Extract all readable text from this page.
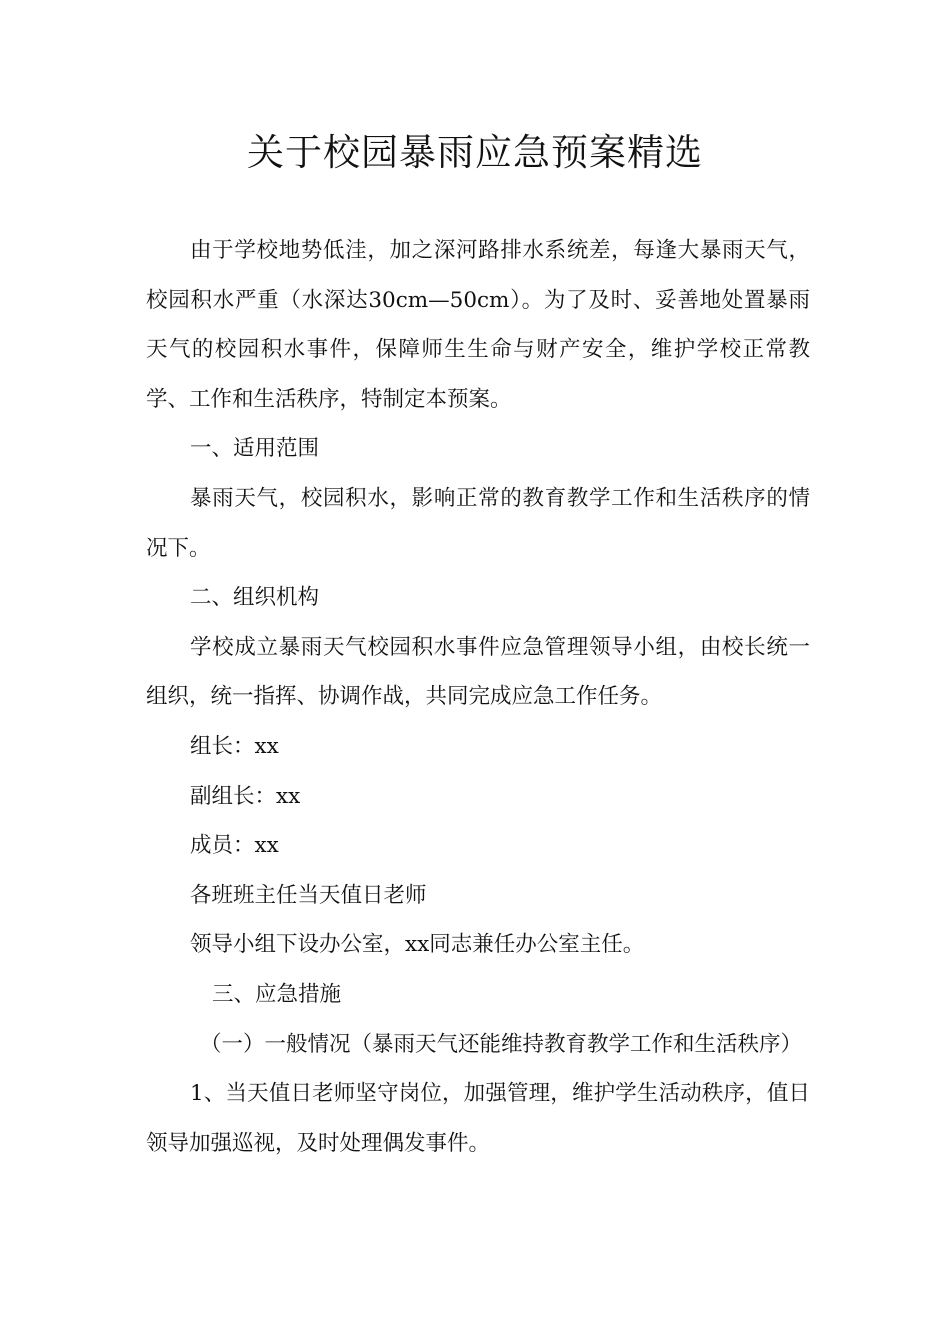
关于校园暴雨应急预案精选

由于学校地势低洼，加之深河路排水系统差，每逢大暴雨天气，校园积水严重（水深达30cm—50cm）。为了及时、妥善地处置暴雨天气的校园积水事件，保障师生生命与财产安全，维护学校正常教学、工作和生活秩序，特制定本预案。

一、适用范围

暴雨天气，校园积水，影响正常的教育教学工作和生活秩序的情况下。

二、组织机构

学校成立暴雨天气校园积水事件应急管理领导小组，由校长统一组织，统一指挥、协调作战，共同完成应急工作任务。

组长：xx

副组长：xx

成员：xx

各班班主任当天值日老师

领导小组下设办公室，xx同志兼任办公室主任。

三、应急措施

（一）一般情况（暴雨天气还能维持教育教学工作和生活秩序）

1、当天值日老师坚守岗位，加强管理，维护学生活动秩序，值日领导加强巡视，及时处理偶发事件。
